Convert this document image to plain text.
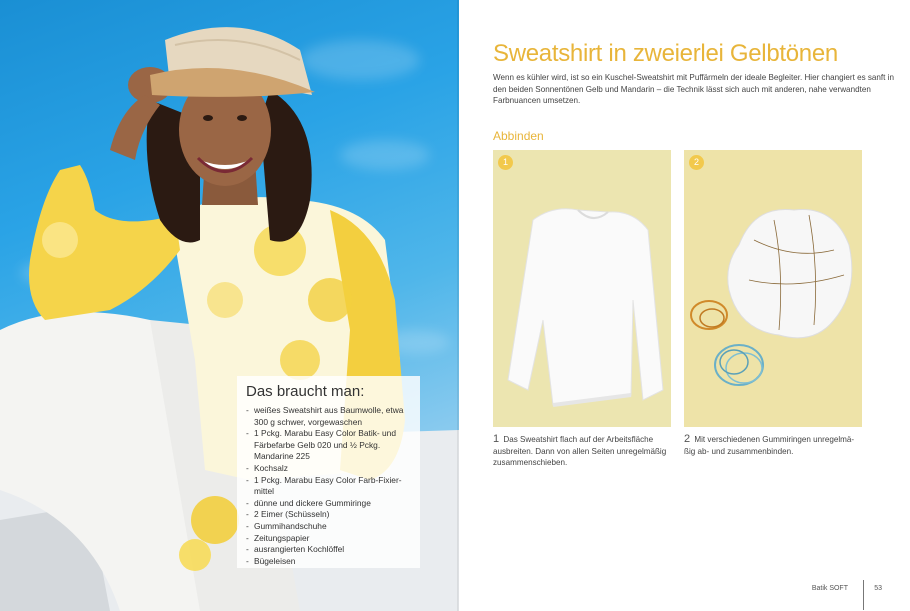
Das braucht man:
- weißes Sweatshirt aus Baumwolle, etwa 300 g schwer, vorgewaschen
- 1 Pckg. Marabu Easy Color Batik- und Färbefarbe Gelb 020 und ½ Pckg. Mandarine 225
- Kochsalz
- 1 Pckg. Marabu Easy Color Farb-Fixier-mittel
- dünne und dickere Gummiringe
- 2 Eimer (Schüsseln)
- Gummihandschuhe
- Zeitungspapier
- ausrangierten Kochlöffel
- Bügeleisen
Sweatshirt in zweierlei Gelbtönen
Wenn es kühler wird, ist so ein Kuschel-Sweatshirt mit Puffärmeln der ideale Begleiter. Hier changiert es sanft in den beiden Sonnentönen Gelb und Mandarin – die Technik lässt sich auch mit anderen, nahe verwandten Farbnuancen umsetzen.
Abbinden
1	2
1 Das Sweatshirt flach auf der Arbeitsfläche ausbreiten. Dann von allen Seiten unregelmäßig zusammenschieben.
2 Mit verschiedenen Gummiringen unregelmä-ßig ab- und zusammenbinden.
Batik SOFT	53
